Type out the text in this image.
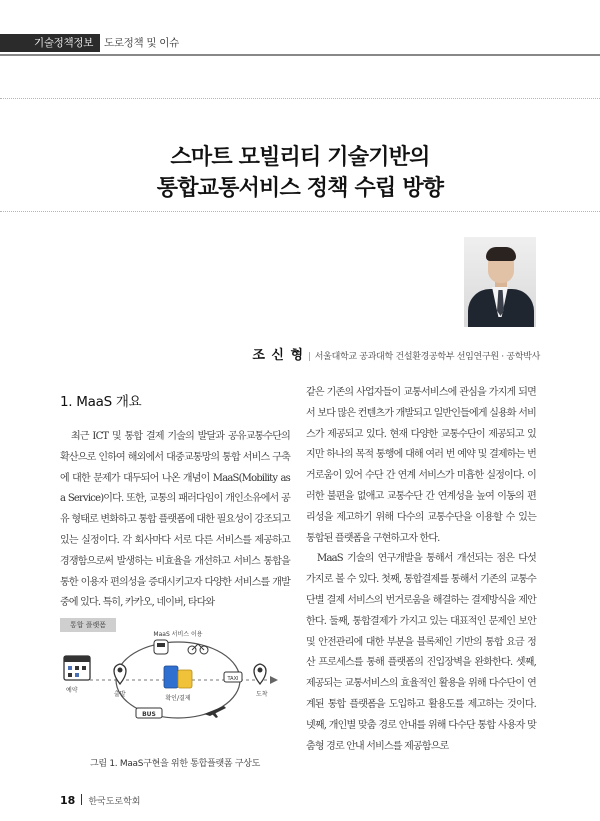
기술정책정보	도로정책 및 이슈
스마트 모빌리티 기술기반의
통합교통서비스 정책 수립 방향
조 신 형 | 서울대학교 공과대학 건설환경공학부 선임연구원 · 공학박사
1. MaaS 개요

최근 ICT 및 통합 결제 기술의 발달과 공유교통수단의 확산으로 인하여 해외에서 대중교통망의 통합 서비스 구축에 대한 문제가 대두되어 나온 개념이 MaaS(Mobility as a Service)이다. 또한, 교통의 패러다임이 개인소유에서 공유 형태로 변화하고 통합 플랫폼에 대한 필요성이 강조되고 있는 실정이다. 각 회사마다 서로 다른 서비스를 제공하고 경쟁함으로써 발생하는 비효율을 개선하고 서비스 통합을 통한 이용자 편의성을 증대시키고자 다양한 서비스를 개발중에 있다. 특히, 카카오, 네이버, 타다와

같은 기존의 사업자들이 교통서비스에 관심을 가지게 되면서 보다 많은 컨텐츠가 개발되고 일반인들에게 실용화 서비스가 제공되고 있다. 현재 다양한 교통수단이 제공되고 있지만 하나의 목적 통행에 대해 여러 번 예약 및 결제하는 번거로움이 있어 수단 간 연계 서비스가 미흡한 실정이다. 이러한 불편을 없애고 교통수단 간 연계성을 높여 이동의 편리성을 제고하기 위해 다수의 교통수단을 이용할 수 있는 통합된 플랫폼을 구현하고자 한다.

MaaS 기술의 연구개발을 통해서 개선되는 점은 다섯 가지로 볼 수 있다. 첫째, 통합결제를 통해서 기존의 교통수단별 결제 서비스의 번거로움을 해결하는 결제방식을 제안한다. 둘째, 통합결제가 가지고 있는 대표적인 문제인 보안 및 안전관리에 대한 부분을 블록체인 기반의 통합 요금 정산 프로세스를 통해 플랫폼의 진입장벽을 완화한다. 셋째, 제공되는 교통서비스의 효율적인 활용을 위해 다수단이 연계된 통합 플랫폼을 도입하고 활용도를 제고하는 것이다. 넷째, 개인별 맞춤 경로 안내를 위해 다수단 통합 사용자 맞춤형 경로 안내 서비스를 제공함으로

예약
출발
MaaS 서비스 이용
확인/결제
TAXI
BUS
도착
통합 플랫폼
그림 1. MaaS구현을 위한 통합플랫폼 구상도
18 한국도로학회
